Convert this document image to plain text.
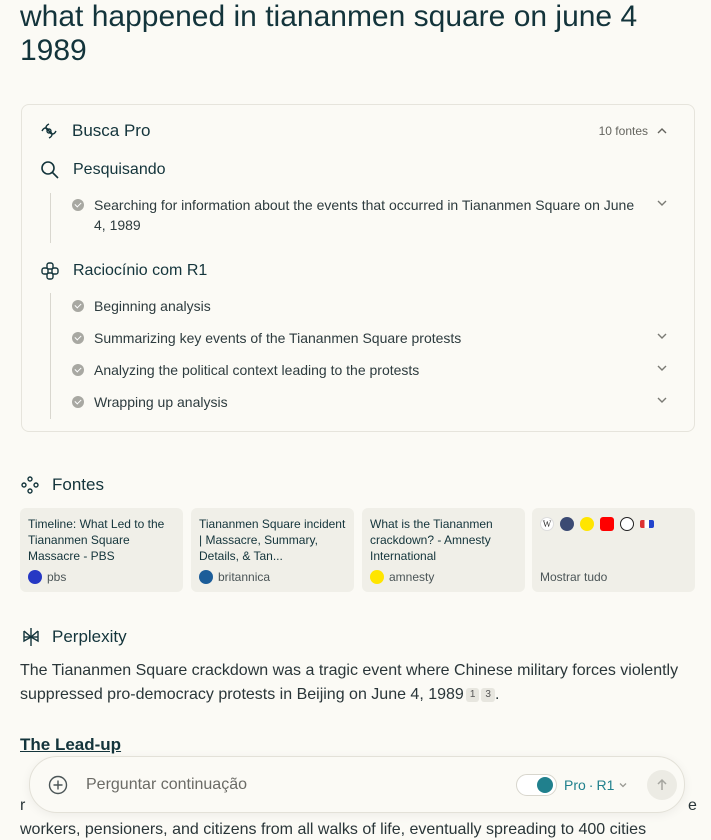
what happened in tiananmen square on june 4 1989
Busca Pro	10 fontes
Pesquisando
Searching for information about the events that occurred in Tiananmen Square on June 4, 1989
Raciocínio com R1
Beginning analysis
Summarizing key events of the Tiananmen Square protests
Analyzing the political context leading to the protests
Wrapping up analysis
Fontes
Timeline: What Led to the Tiananmen Square Massacre - PBS
pbs
Tiananmen Square incident | Massacre, Summary, Details, & Tan...
britannica
What is the Tiananmen crackdown? - Amnesty International
amnesty
W
Mostrar tudo
Perplexity

The Tiananmen Square crackdown was a tragic event where Chinese military forces violently suppressed pro-democracy protests in Beijing on June 4, 1989 1 3 .

The Lead-up
r	e
workers, pensioners, and citizens from all walks of life, eventually spreading to 400 cities
Perguntar continuação	Pro · R1
